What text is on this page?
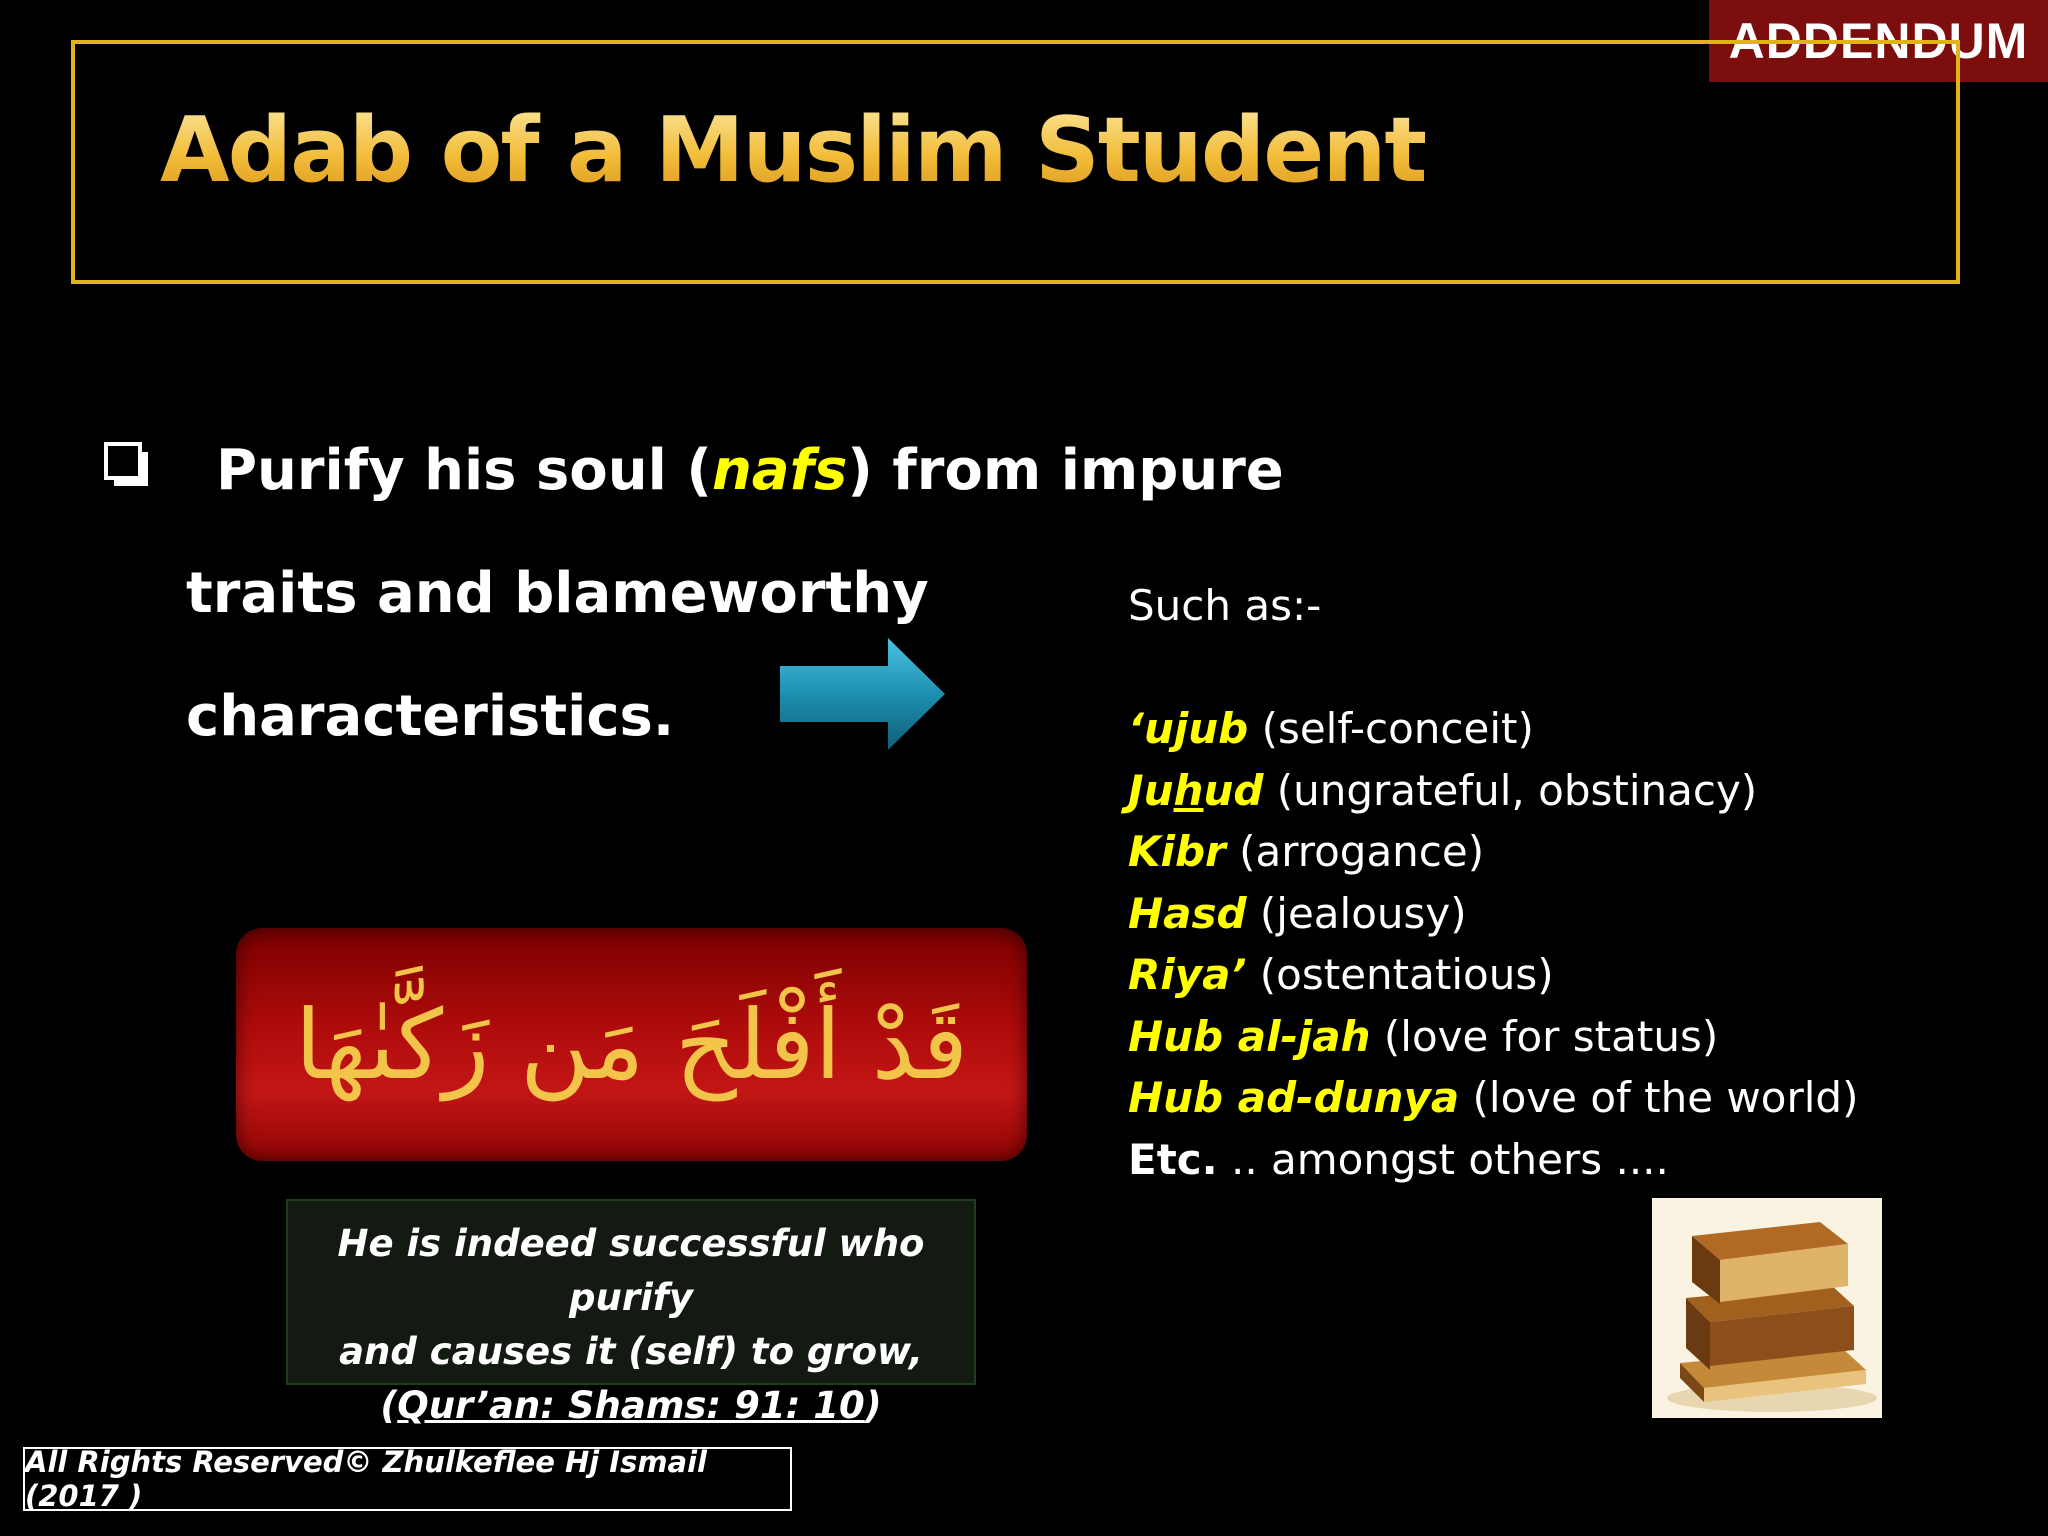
ADDENDUM
Adab of a Muslim Student
Purify his soul (nafs) from impure
traits and blameworthy
characteristics.
Such as:-
‘ujub (self-conceit)
Juhud (ungrateful, obstinacy)
Kibr (arrogance)
Hasd (jealousy)
Riya’ (ostentatious)
Hub al-jah (love for status)
Hub ad-dunya (love of the world)
Etc. .. amongst others ....
قَدْ أَفْلَحَ مَن زَكَّىٰهَا
He is indeed successful who purify
and causes it (self) to grow,
(Qur’an: Shams: 91: 10)
All Rights Reserved© Zhulkeflee Hj Ismail (2017 )
